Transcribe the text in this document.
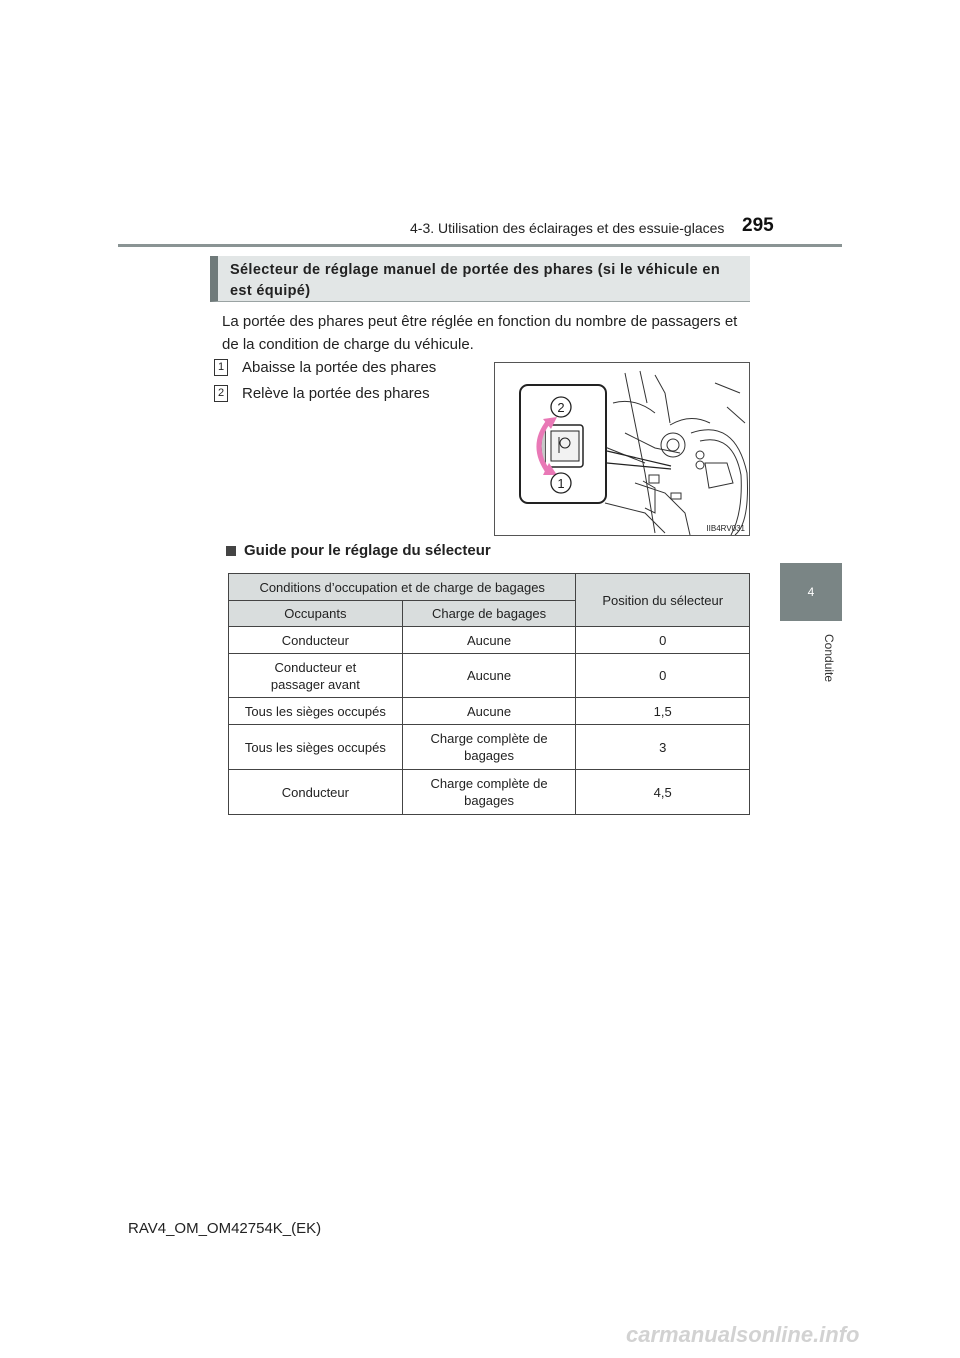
4-3. Utilisation des éclairages et des essuie-glaces 295
4
Conduite
Sélecteur de réglage manuel de portée des phares (si le véhicule en est équipé)
La portée des phares peut être réglée en fonction du nombre de passagers et de la condition de charge du véhicule.
1 Abaisse la portée des phares
2 Relève la portée des phares
2
1
IIB4RV031
Guide pour le réglage du sélecteur
Conditions d’occupation et de charge de bagages		Position du sélecteur
Occupants	Charge de bagages	
Conducteur	Aucune	0
Conducteur et passager avant	Aucune	0
Tous les sièges occupés	Aucune	1,5
Tous les sièges occupés	Charge complète de bagages	3
Conducteur	Charge complète de bagages	4,5
RAV4_OM_OM42754K_(EK)
carmanualsonline.info
